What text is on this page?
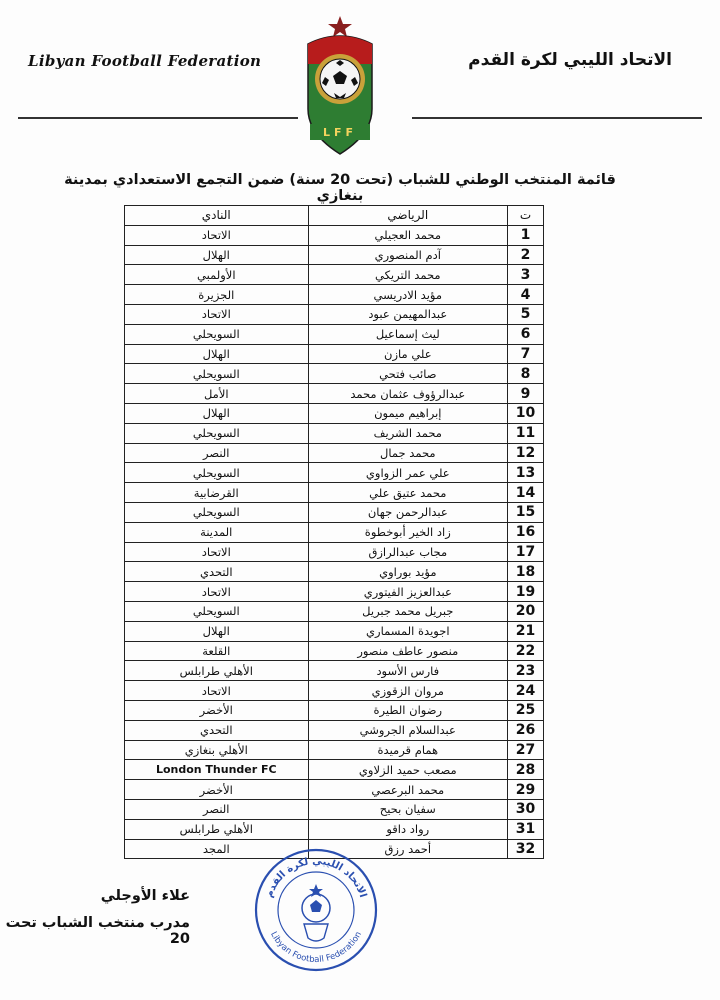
Libyan Football Federation	الاتحاد الليبي لكرة القدم
LFF
قائمة المنتخب الوطني للشباب (تحت 20 سنة) ضمن التجمع الاستعدادي بمدينة بنغازي
ت	الرياضي	النادي
1	محمد العجيلي	الاتحاد
2	آدم المنصوري	الهلال
3	محمد التريكي	الأولمبي
4	مؤيد الادريسي	الجزيرة
5	عبدالمهيمن عبود	الاتحاد
6	ليث إسماعيل	السويحلي
7	علي مازن	الهلال
8	صائب فتحي	السويحلي
9	عبدالرؤوف عثمان محمد	الأمل
10	إبراهيم ميمون	الهلال
11	محمد الشريف	السويحلي
12	محمد جمال	النصر
13	علي عمر الزواوي	السويحلي
14	محمد عتيق علي	القرضابية
15	عبدالرحمن جهان	السويحلي
16	زاد الخير أبوخطوة	المدينة
17	مجاب عبدالرازق	الاتحاد
18	مؤيد بوراوي	التحدي
19	عبدالعزيز الفيتوري	الاتحاد
20	جبريل محمد جبريل	السويحلي
21	اجويدة المسماري	الهلال
22	منصور عاطف منصور	القلعة
23	فارس الأسود	الأهلي طرابلس
24	مروان الزقوزي	الاتحاد
25	رضوان الطيرة	الأخضر
26	عبدالسلام الجروشي	التحدي
27	همام قرميدة	الأهلي بنغازي
28	مصعب حميد الزلاوي	London Thunder FC
29	محمد البرعصي	الأخضر
30	سفيان بحيح	النصر
31	رواد داقو	الأهلي طرابلس
32	أحمد رزق	المجد
علاء الأوجلي
مدرب منتخب الشباب تحت 20
الاتحاد الليبي لكرة القدم
Libyan Football Federation
